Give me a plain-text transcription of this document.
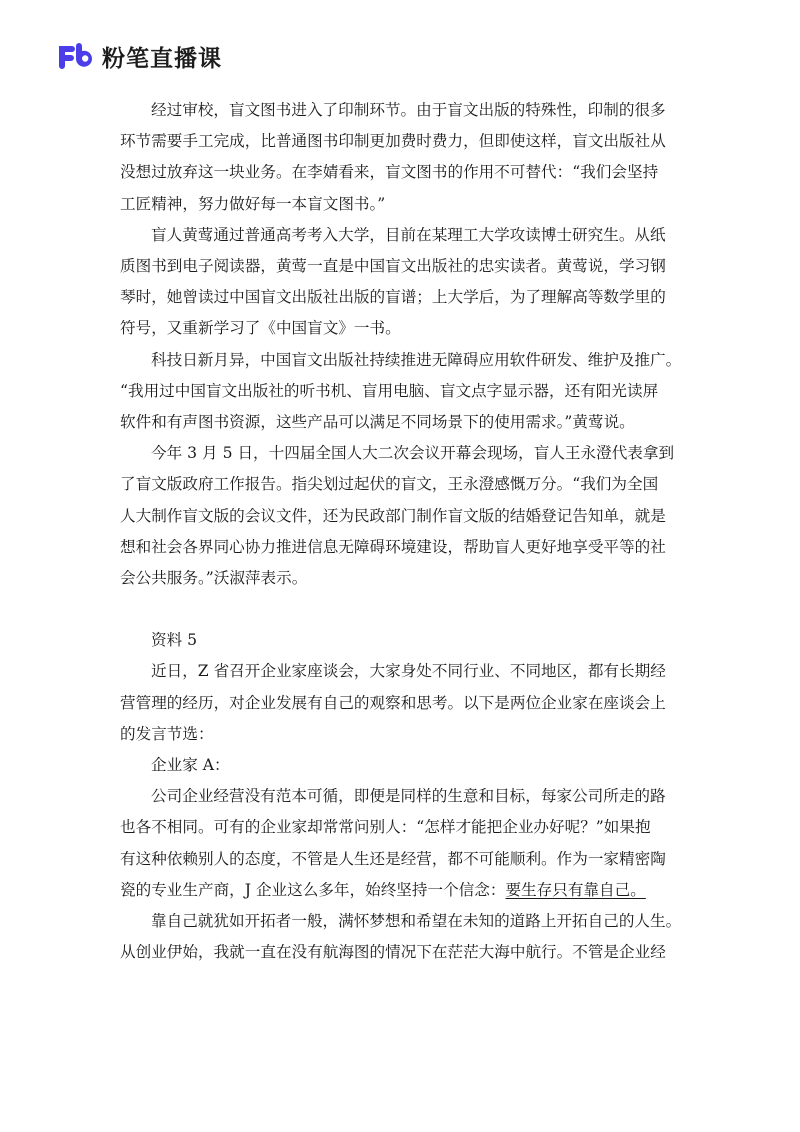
粉笔直播课

经过审校，盲文图书进入了印制环节。由于盲文出版的特殊性，印制的很多
环节需要手工完成，比普通图书印制更加费时费力，但即使这样，盲文出版社从
没想过放弃这一块业务。在李婧看来，盲文图书的作用不可替代：“我们会坚持
工匠精神，努力做好每一本盲文图书。”

盲人黄莺通过普通高考考入大学，目前在某理工大学攻读博士研究生。从纸
质图书到电子阅读器，黄莺一直是中国盲文出版社的忠实读者。黄莺说，学习钢
琴时，她曾读过中国盲文出版社出版的盲谱；上大学后，为了理解高等数学里的
符号，又重新学习了《中国盲文》一书。

科技日新月异，中国盲文出版社持续推进无障碍应用软件研发、维护及推广。
“我用过中国盲文出版社的听书机、盲用电脑、盲文点字显示器，还有阳光读屏
软件和有声图书资源，这些产品可以满足不同场景下的使用需求。”黄莺说。

今年 3 月 5 日，十四届全国人大二次会议开幕会现场，盲人王永澄代表拿到
了盲文版政府工作报告。指尖划过起伏的盲文，王永澄感慨万分。“我们为全国
人大制作盲文版的会议文件，还为民政部门制作盲文版的结婚登记告知单，就是
想和社会各界同心协力推进信息无障碍环境建设，帮助盲人更好地享受平等的社
会公共服务。”沃淑萍表示。

资料 5

近日，Z 省召开企业家座谈会，大家身处不同行业、不同地区，都有长期经
营管理的经历，对企业发展有自己的观察和思考。以下是两位企业家在座谈会上
的发言节选：

企业家 A：

公司企业经营没有范本可循，即便是同样的生意和目标，每家公司所走的路
也各不相同。可有的企业家却常常问别人：“怎样才能把企业办好呢？”如果抱
有这种依赖别人的态度，不管是人生还是经营，都不可能顺利。作为一家精密陶
瓷的专业生产商，J 企业这么多年，始终坚持一个信念：要生存只有靠自己。

靠自己就犹如开拓者一般，满怀梦想和希望在未知的道路上开拓自己的人生。
从创业伊始，我就一直在没有航海图的情况下在茫茫大海中航行。不管是企业经
